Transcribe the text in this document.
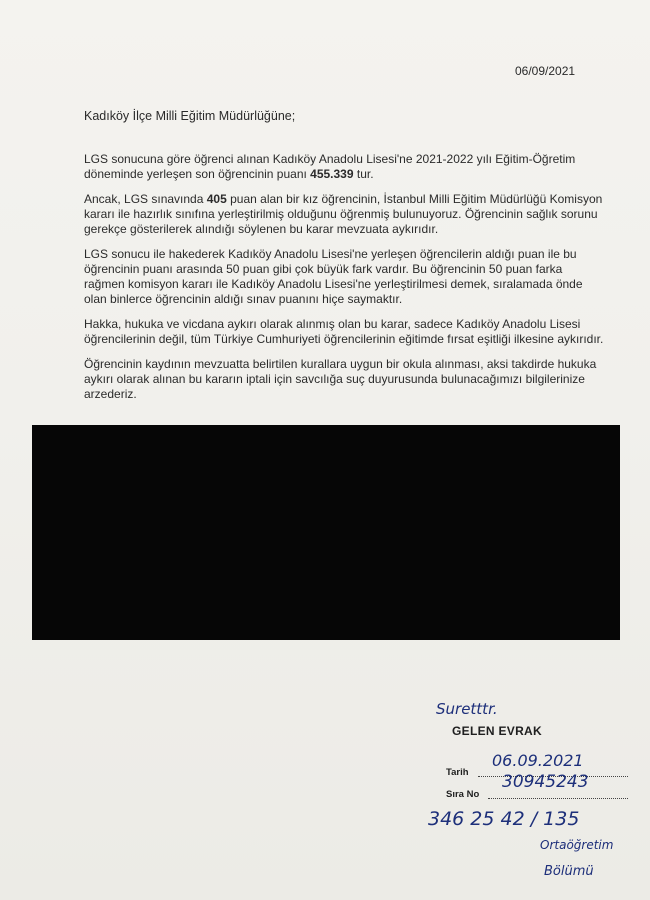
06/09/2021
Kadıköy İlçe Milli Eğitim Müdürlüğüne;

LGS sonucuna göre öğrenci alınan Kadıköy Anadolu Lisesi'ne 2021-2022 yılı Eğitim-Öğretim döneminde yerleşen son öğrencinin puanı 455.339 tur.

Ancak, LGS sınavında 405 puan alan bir kız öğrencinin, İstanbul Milli Eğitim Müdürlüğü Komisyon kararı ile hazırlık sınıfına yerleştirilmiş olduğunu öğrenmiş bulunuyoruz. Öğrencinin sağlık sorunu gerekçe gösterilerek alındığı söylenen bu karar mevzuata aykırıdır.

LGS sonucu ile hakederek Kadıköy Anadolu Lisesi'ne yerleşen öğrencilerin aldığı puan ile bu öğrencinin puanı arasında 50 puan gibi çok büyük fark vardır. Bu öğrencinin 50 puan farka rağmen komisyon kararı ile Kadıköy Anadolu Lisesi'ne yerleştirilmesi demek, sıralamada önde olan binlerce öğrencinin aldığı sınav puanını hiçe saymaktır.

Hakka, hukuka ve vicdana aykırı olarak alınmış olan bu karar, sadece Kadıköy Anadolu Lisesi öğrencilerinin değil, tüm Türkiye Cumhuriyeti öğrencilerinin eğitimde fırsat eşitliği ilkesine aykırıdır.

Öğrencinin kaydının mevzuatta belirtilen kurallara uygun bir okula alınması, aksi takdirde hukuka aykırı olarak alınan bu kararın iptali için savcılığa suç duyurusunda bulunacağımızı bilgilerinize arzederiz.

Suretttr.
GELEN EVRAK
Tarih
06.09.2021
Sıra No
30945243
346 25 42 / 135
Ortaöğretim
Bölümü
